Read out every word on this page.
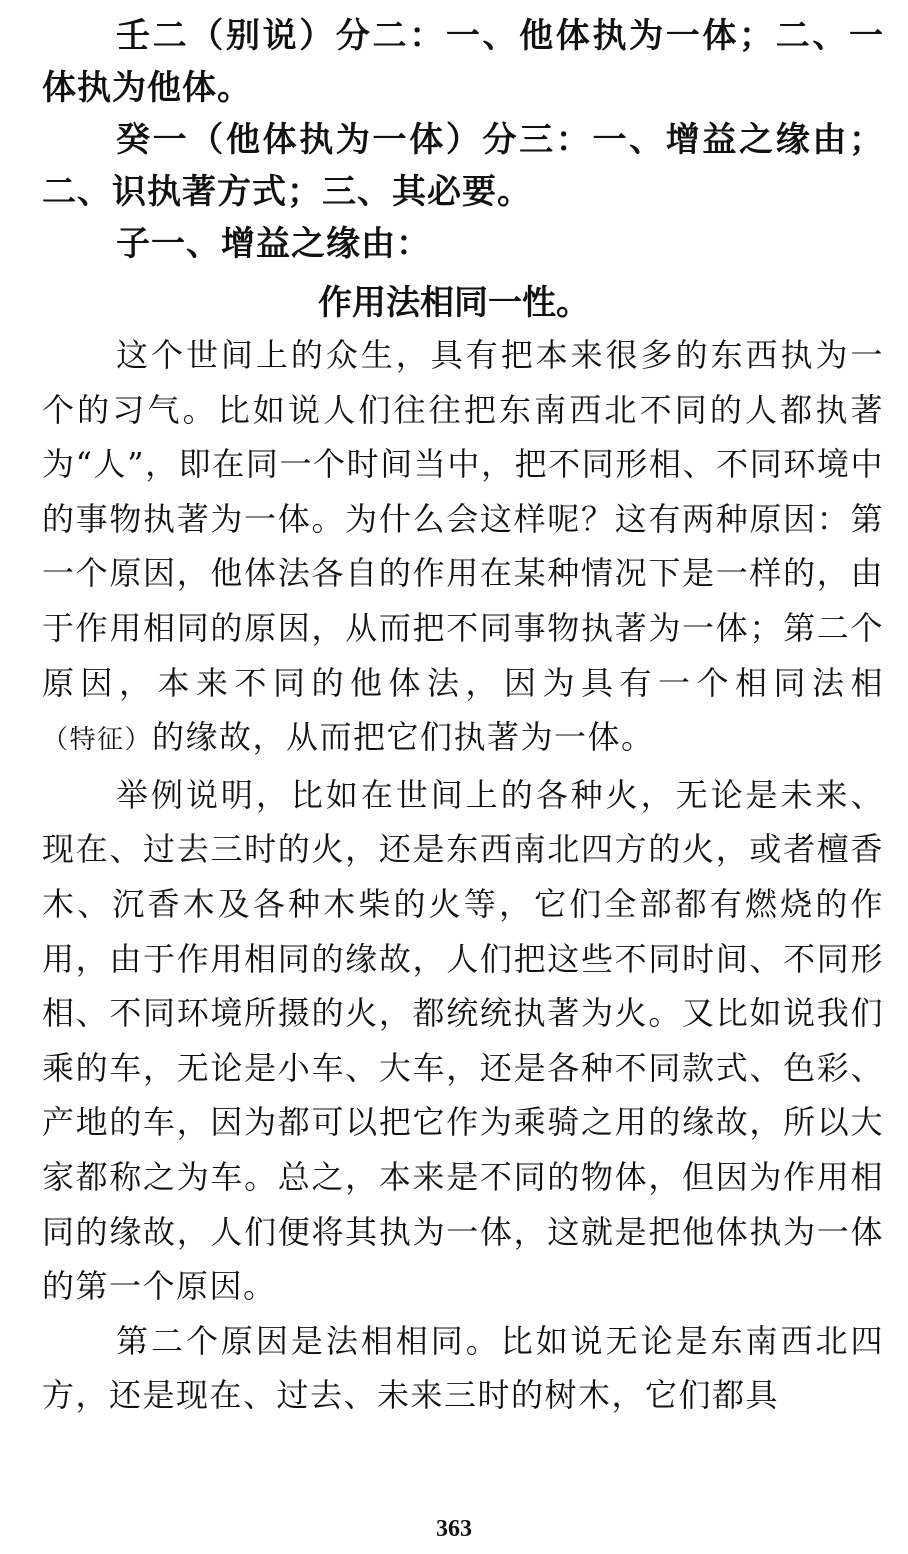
壬二（别说）分二：一、他体执为一体；二、一体执为他体。

癸一（他体执为一体）分三：一、增益之缘由；二、识执著方式；三、其必要。

子一、增益之缘由：

作用法相同一性。

这个世间上的众生，具有把本来很多的东西执为一个的习气。比如说人们往往把东南西北不同的人都执著为“人”，即在同一个时间当中，把不同形相、不同环境中的事物执著为一体。为什么会这样呢？这有两种原因：第一个原因，他体法各自的作用在某种情况下是一样的，由于作用相同的原因，从而把不同事物执著为一体；第二个原因，本来不同的他体法，因为具有一个相同法相（特征）的缘故，从而把它们执著为一体。

举例说明，比如在世间上的各种火，无论是未来、现在、过去三时的火，还是东西南北四方的火，或者檀香木、沉香木及各种木柴的火等，它们全部都有燃烧的作用，由于作用相同的缘故，人们把这些不同时间、不同形相、不同环境所摄的火，都统统执著为火。又比如说我们乘的车，无论是小车、大车，还是各种不同款式、色彩、产地的车，因为都可以把它作为乘骑之用的缘故，所以大家都称之为车。总之，本来是不同的物体，但因为作用相同的缘故，人们便将其执为一体，这就是把他体执为一体的第一个原因。

第二个原因是法相相同。比如说无论是东南西北四方，还是现在、过去、未来三时的树木，它们都具

363
